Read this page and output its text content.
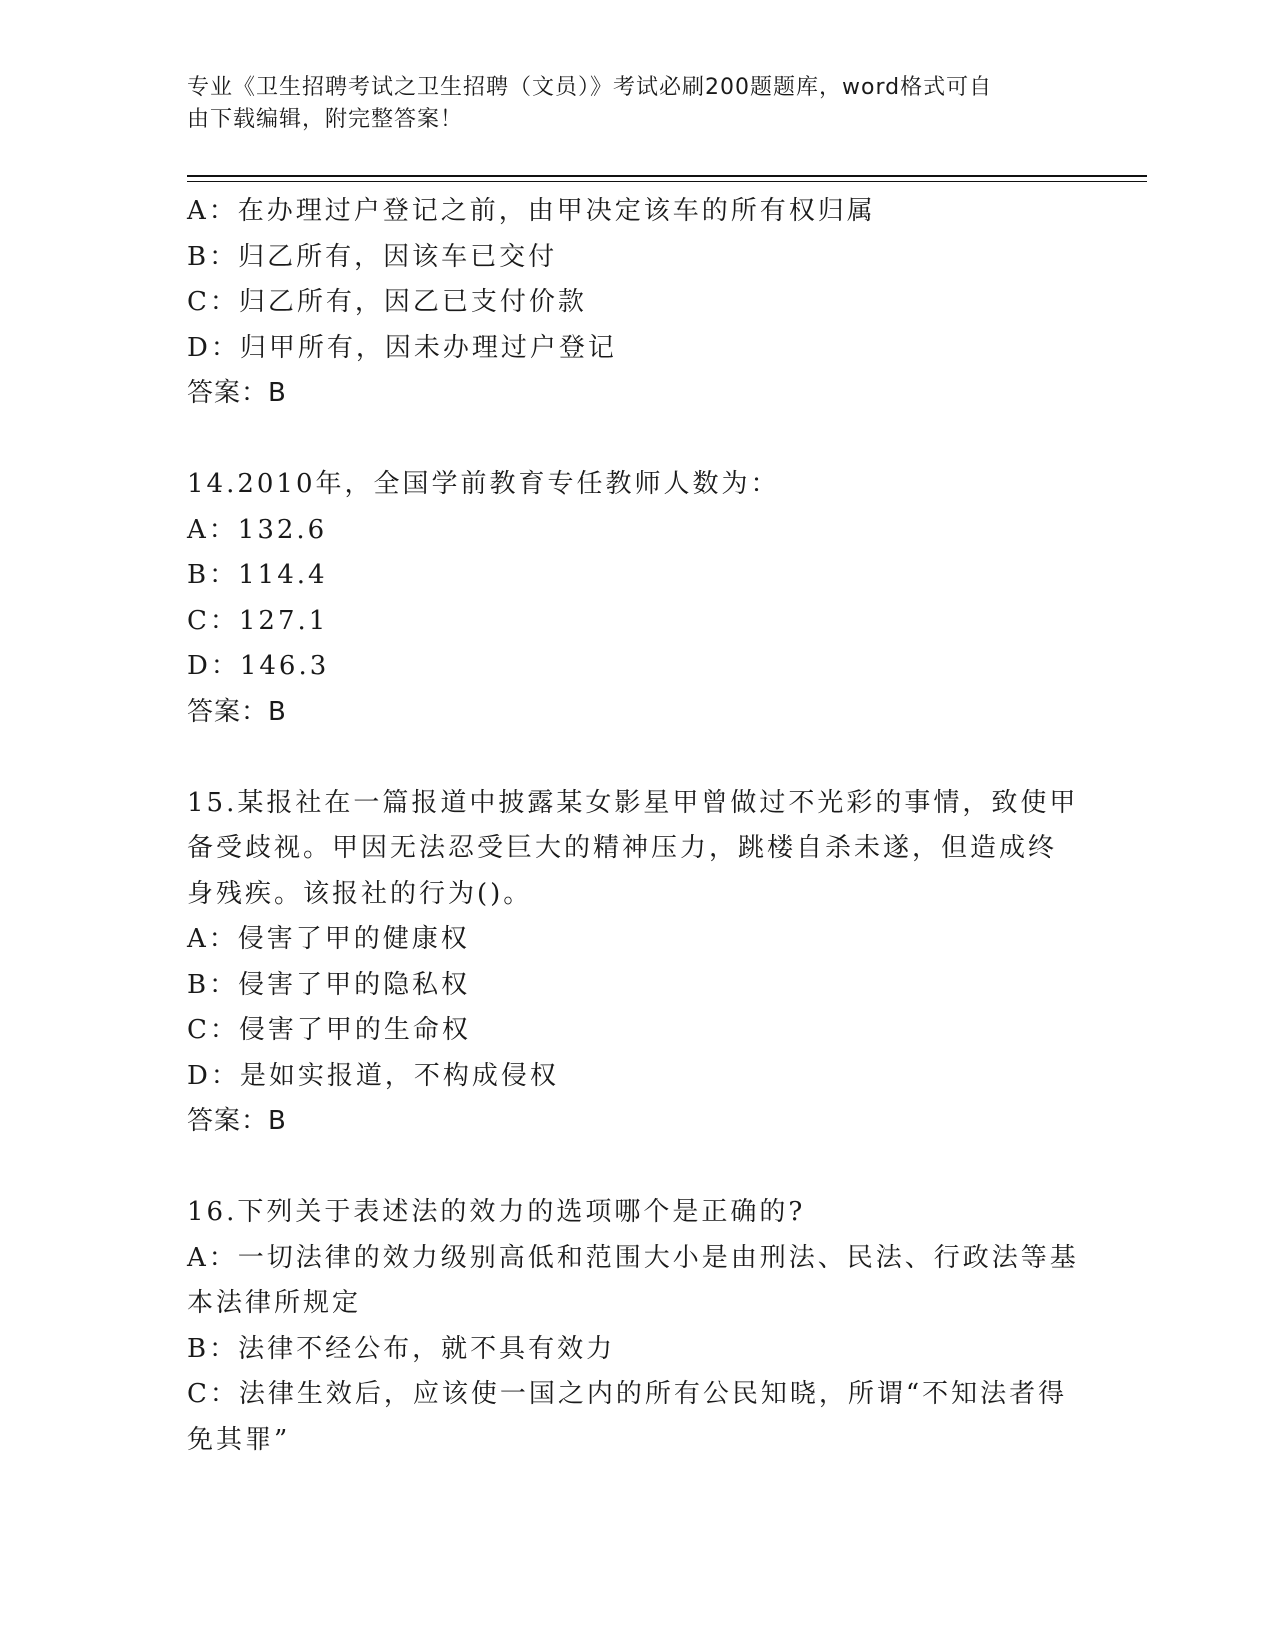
专业《卫生招聘考试之卫生招聘（文员）》考试必刷200题题库，word格式可自
由下载编辑，附完整答案！
A：在办理过户登记之前，由甲决定该车的所有权归属
B：归乙所有，因该车已交付
C：归乙所有，因乙已支付价款
D：归甲所有，因未办理过户登记
答案：B
14.2010年，全国学前教育专任教师人数为：
A：132.6
B：114.4
C：127.1
D：146.3
答案：B
15.某报社在一篇报道中披露某女影星甲曾做过不光彩的事情，致使甲
备受歧视。甲因无法忍受巨大的精神压力，跳楼自杀未遂，但造成终
身残疾。该报社的行为()。
A：侵害了甲的健康权
B：侵害了甲的隐私权
C：侵害了甲的生命权
D：是如实报道，不构成侵权
答案：B
16.下列关于表述法的效力的选项哪个是正确的?
A：一切法律的效力级别高低和范围大小是由刑法、民法、行政法等基
本法律所规定
B：法律不经公布，就不具有效力
C：法律生效后，应该使一国之内的所有公民知晓，所谓“不知法者得
免其罪”
